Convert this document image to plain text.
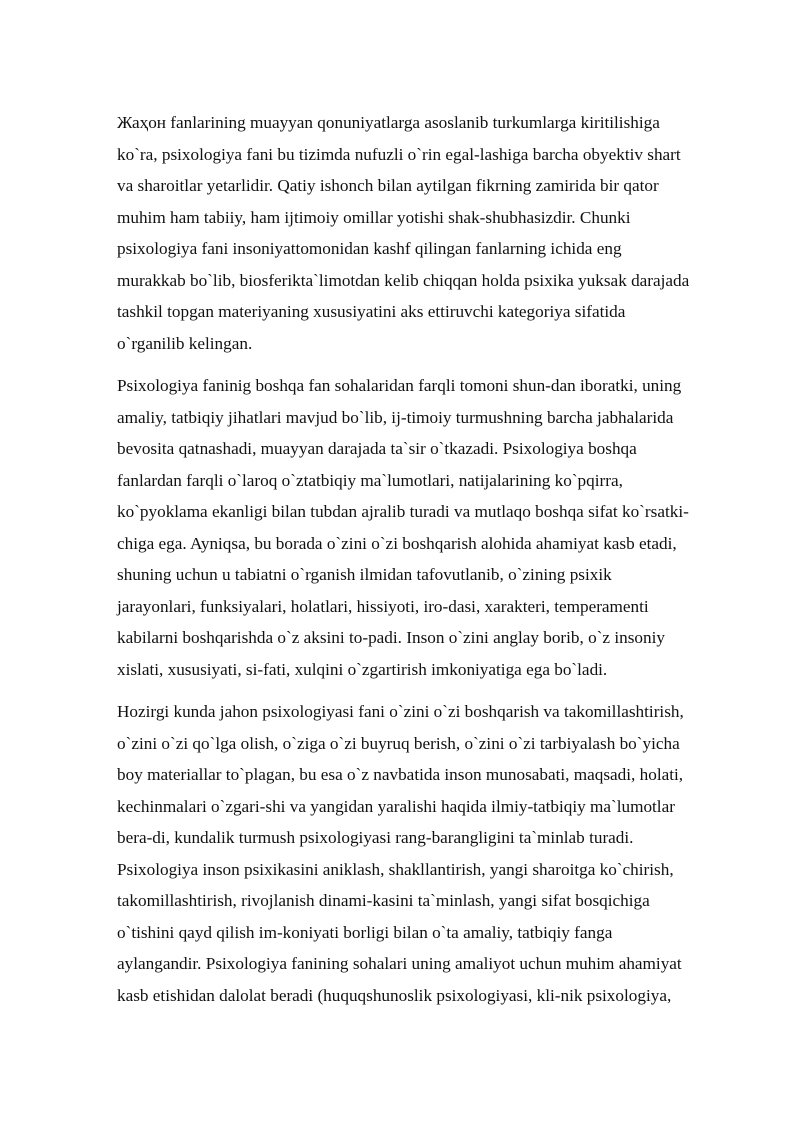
Жаҳон fanlarining muayyan qonuniyatlarga asoslanib turkumlarga kiritilishiga
ko`ra, psixologiya fani bu tizimda nufuzli o`rin egal-lashiga barcha obyektiv shart
va sharoitlar yetarlidir. Qatiy ishonch bilan aytilgan fikrning zamirida bir qator
muhim ham tabiiy, ham ijtimoiy omillar yotishi shak-shubhasizdir. Chunki
psixologiya fani insoniyattomonidan kashf qilingan fanlarning ichida eng
murakkab bo`lib, biosferikta`limotdan kelib chiqqan holda psixika yuksak darajada
tashkil topgan materiyaning xususiyatini aks ettiruvchi kategoriya sifatida
o`rganilib kelingan.

Psixologiya faninig boshqa fan sohalaridan farqli tomoni shun-dan iboratki, uning
amaliy, tatbiqiy jihatlari mavjud bo`lib, ij-timoiy turmushning barcha jabhalarida
bevosita qatnashadi, muayyan darajada ta`sir o`tkazadi. Psixologiya boshqa
fanlardan farqli o`laroq o`ztatbiqiy ma`lumotlari, natijalarining ko`pqirra,
ko`pyoklama ekanligi bilan tubdan ajralib turadi va mutlaqo boshqa sifat ko`rsatki-
chiga ega. Ayniqsa, bu borada o`zini o`zi boshqarish alohida ahamiyat kasb etadi,
shuning uchun u tabiatni o`rganish ilmidan tafovutlanib, o`zining psixik
jarayonlari, funksiyalari, holatlari, hissiyoti, iro-dasi, xarakteri, temperamenti
kabilarni boshqarishda o`z aksini to-padi. Inson o`zini anglay borib, o`z insoniy
xislati, xususiyati, si-fati, xulqini o`zgartirish imkoniyatiga ega bo`ladi.

Hozirgi kunda jahon psixologiyasi fani o`zini o`zi boshqarish va takomillashtirish,
o`zini o`zi qo`lga olish, o`ziga o`zi buyruq berish, o`zini o`zi tarbiyalash bo`yicha
boy materiallar to`plagan, bu esa o`z navbatida inson munosabati, maqsadi, holati,
kechinmalari o`zgari-shi va yangidan yaralishi haqida ilmiy-tatbiqiy ma`lumotlar
bera-di, kundalik turmush psixologiyasi rang-barangligini ta`minlab turadi.
Psixologiya inson psixikasini aniklash, shakllantirish, yangi sharoitga ko`chirish,
takomillashtirish, rivojlanish dinami-kasini ta`minlash, yangi sifat bosqichiga
o`tishini qayd qilish im-koniyati borligi bilan o`ta amaliy, tatbiqiy fanga
aylangandir. Psixologiya fanining sohalari uning amaliyot uchun muhim ahamiyat
kasb etishidan dalolat beradi (huquqshunoslik psixologiyasi, kli-nik psixologiya,
